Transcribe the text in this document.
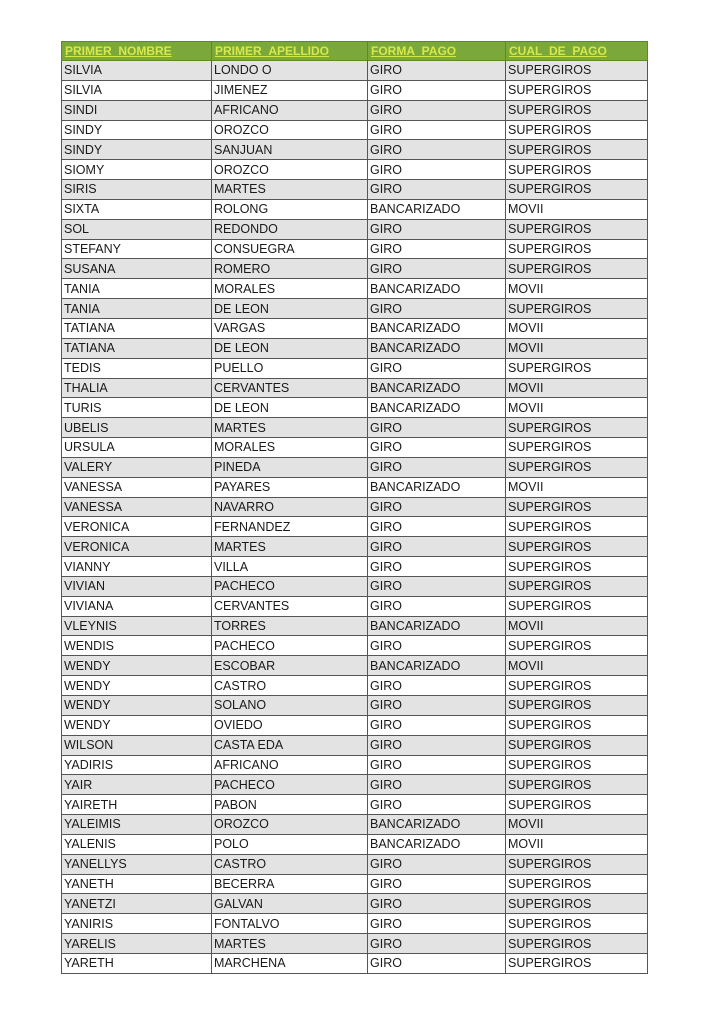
PRIMER_NOMBRE	PRIMER_APELLIDO	FORMA_PAGO	CUAL_DE_PAGO
SILVIA	LONDO O	GIRO	SUPERGIROS
SILVIA	JIMENEZ	GIRO	SUPERGIROS
SINDI	AFRICANO	GIRO	SUPERGIROS
SINDY	OROZCO	GIRO	SUPERGIROS
SINDY	SANJUAN	GIRO	SUPERGIROS
SIOMY	OROZCO	GIRO	SUPERGIROS
SIRIS	MARTES	GIRO	SUPERGIROS
SIXTA	ROLONG	BANCARIZADO	MOVII
SOL	REDONDO	GIRO	SUPERGIROS
STEFANY	CONSUEGRA	GIRO	SUPERGIROS
SUSANA	ROMERO	GIRO	SUPERGIROS
TANIA	MORALES	BANCARIZADO	MOVII
TANIA	DE LEON	GIRO	SUPERGIROS
TATIANA	VARGAS	BANCARIZADO	MOVII
TATIANA	DE LEON	BANCARIZADO	MOVII
TEDIS	PUELLO	GIRO	SUPERGIROS
THALIA	CERVANTES	BANCARIZADO	MOVII
TURIS	DE LEON	BANCARIZADO	MOVII
UBELIS	MARTES	GIRO	SUPERGIROS
URSULA	MORALES	GIRO	SUPERGIROS
VALERY	PINEDA	GIRO	SUPERGIROS
VANESSA	PAYARES	BANCARIZADO	MOVII
VANESSA	NAVARRO	GIRO	SUPERGIROS
VERONICA	FERNANDEZ	GIRO	SUPERGIROS
VERONICA	MARTES	GIRO	SUPERGIROS
VIANNY	VILLA	GIRO	SUPERGIROS
VIVIAN	PACHECO	GIRO	SUPERGIROS
VIVIANA	CERVANTES	GIRO	SUPERGIROS
VLEYNIS	TORRES	BANCARIZADO	MOVII
WENDIS	PACHECO	GIRO	SUPERGIROS
WENDY	ESCOBAR	BANCARIZADO	MOVII
WENDY	CASTRO	GIRO	SUPERGIROS
WENDY	SOLANO	GIRO	SUPERGIROS
WENDY	OVIEDO	GIRO	SUPERGIROS
WILSON	CASTA EDA	GIRO	SUPERGIROS
YADIRIS	AFRICANO	GIRO	SUPERGIROS
YAIR	PACHECO	GIRO	SUPERGIROS
YAIRETH	PABON	GIRO	SUPERGIROS
YALEIMIS	OROZCO	BANCARIZADO	MOVII
YALENIS	POLO	BANCARIZADO	MOVII
YANELLYS	CASTRO	GIRO	SUPERGIROS
YANETH	BECERRA	GIRO	SUPERGIROS
YANETZI	GALVAN	GIRO	SUPERGIROS
YANIRIS	FONTALVO	GIRO	SUPERGIROS
YARELIS	MARTES	GIRO	SUPERGIROS
YARETH	MARCHENA	GIRO	SUPERGIROS
